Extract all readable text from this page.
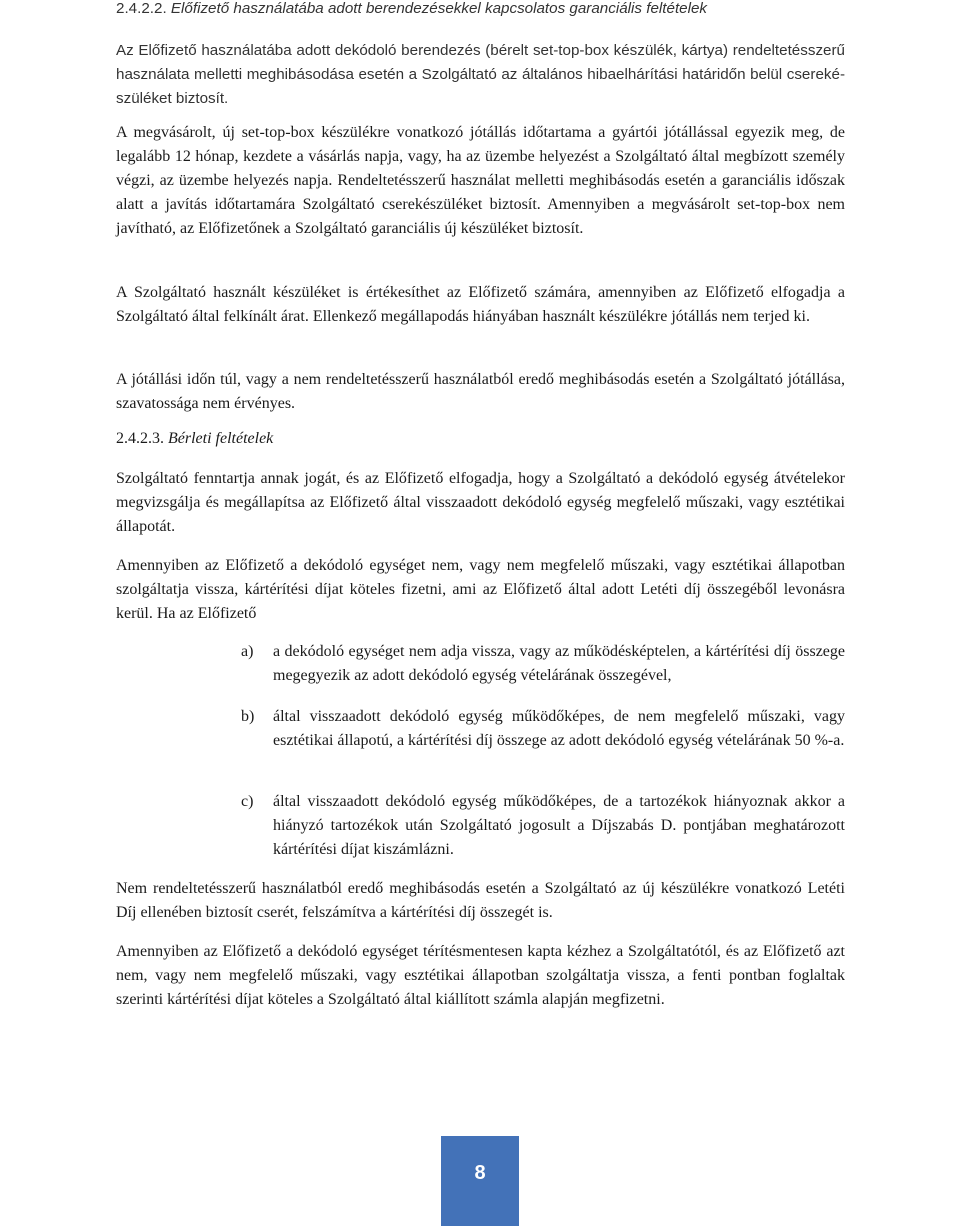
2.4.2.2. Előfizető használatába adott berendezésekkel kapcsolatos garanciális feltételek

Az Előfizető használatába adott dekódoló berendezés (bérelt set-top-box készülék, kártya) rendeltetésszerű használata melletti meghibásodása esetén a Szolgáltató az általános hibaelhárítási határidőn belül cserekészüléket biztosít.

A megvásárolt, új set-top-box készülékre vonatkozó jótállás időtartama a gyártói jótállással egyezik meg, de legalább 12 hónap, kezdete a vásárlás napja, vagy, ha az üzembe helyezést a Szolgáltató által megbízott személy végzi, az üzembe helyezés napja. Rendeltetésszerű használat melletti meghibásodás esetén a garanciális időszak alatt a javítás időtartamára Szolgáltató cserekészüléket biztosít. Amennyiben a megvásárolt set-top-box nem javítható, az Előfizetőnek a Szolgáltató garanciális új készüléket biztosít.

A Szolgáltató használt készüléket is értékesíthet az Előfizető számára, amennyiben az Előfizető elfogadja a Szolgáltató által felkínált árat. Ellenkező megállapodás hiányában használt készülékre jótállás nem terjed ki.

A jótállási időn túl, vagy a nem rendeltetésszerű használatból eredő meghibásodás esetén a Szolgáltató jótállása, szavatossága nem érvényes.

2.4.2.3. Bérleti feltételek

Szolgáltató fenntartja annak jogát, és az Előfizető elfogadja, hogy a Szolgáltató a dekódoló egység átvételekor megvizsgálja és megállapítsa az Előfizető által visszaadott dekódoló egység megfelelő műszaki, vagy esztétikai állapotát.

Amennyiben az Előfizető a dekódoló egységet nem, vagy nem megfelelő műszaki, vagy esztétikai állapotban szolgáltatja vissza, kártérítési díjat köteles fizetni, ami az Előfizető által adott Letéti díj összegéből levonásra kerül. Ha az Előfizető

a) a dekódoló egységet nem adja vissza, vagy az működésképtelen, a kártérítési díj összege megegyezik az adott dekódoló egység vételárának összegével,

b) által visszaadott dekódoló egység működőképes, de nem megfelelő műszaki, vagy esztétikai állapotú, a kártérítési díj összege az adott dekódoló egység vételárának 50 %-a.

c) által visszaadott dekódoló egység működőképes, de a tartozékok hiányoznak akkor a hiányzó tartozékok után Szolgáltató jogosult a Díjszabás D. pontjában meghatározott kártérítési díjat kiszámlázni.

Nem rendeltetésszerű használatból eredő meghibásodás esetén a Szolgáltató az új készülékre vonatkozó Letéti Díj ellenében biztosít cserét, felszámítva a kártérítési díj összegét is.

Amennyiben az Előfizető a dekódoló egységet térítésmentesen kapta kézhez a Szolgáltatótól, és az Előfizető azt nem, vagy nem megfelelő műszaki, vagy esztétikai állapotban szolgáltatja vissza, a fenti pontban foglaltak szerinti kártérítési díjat köteles a Szolgáltató által kiállított számla alapján megfizetni.

8
